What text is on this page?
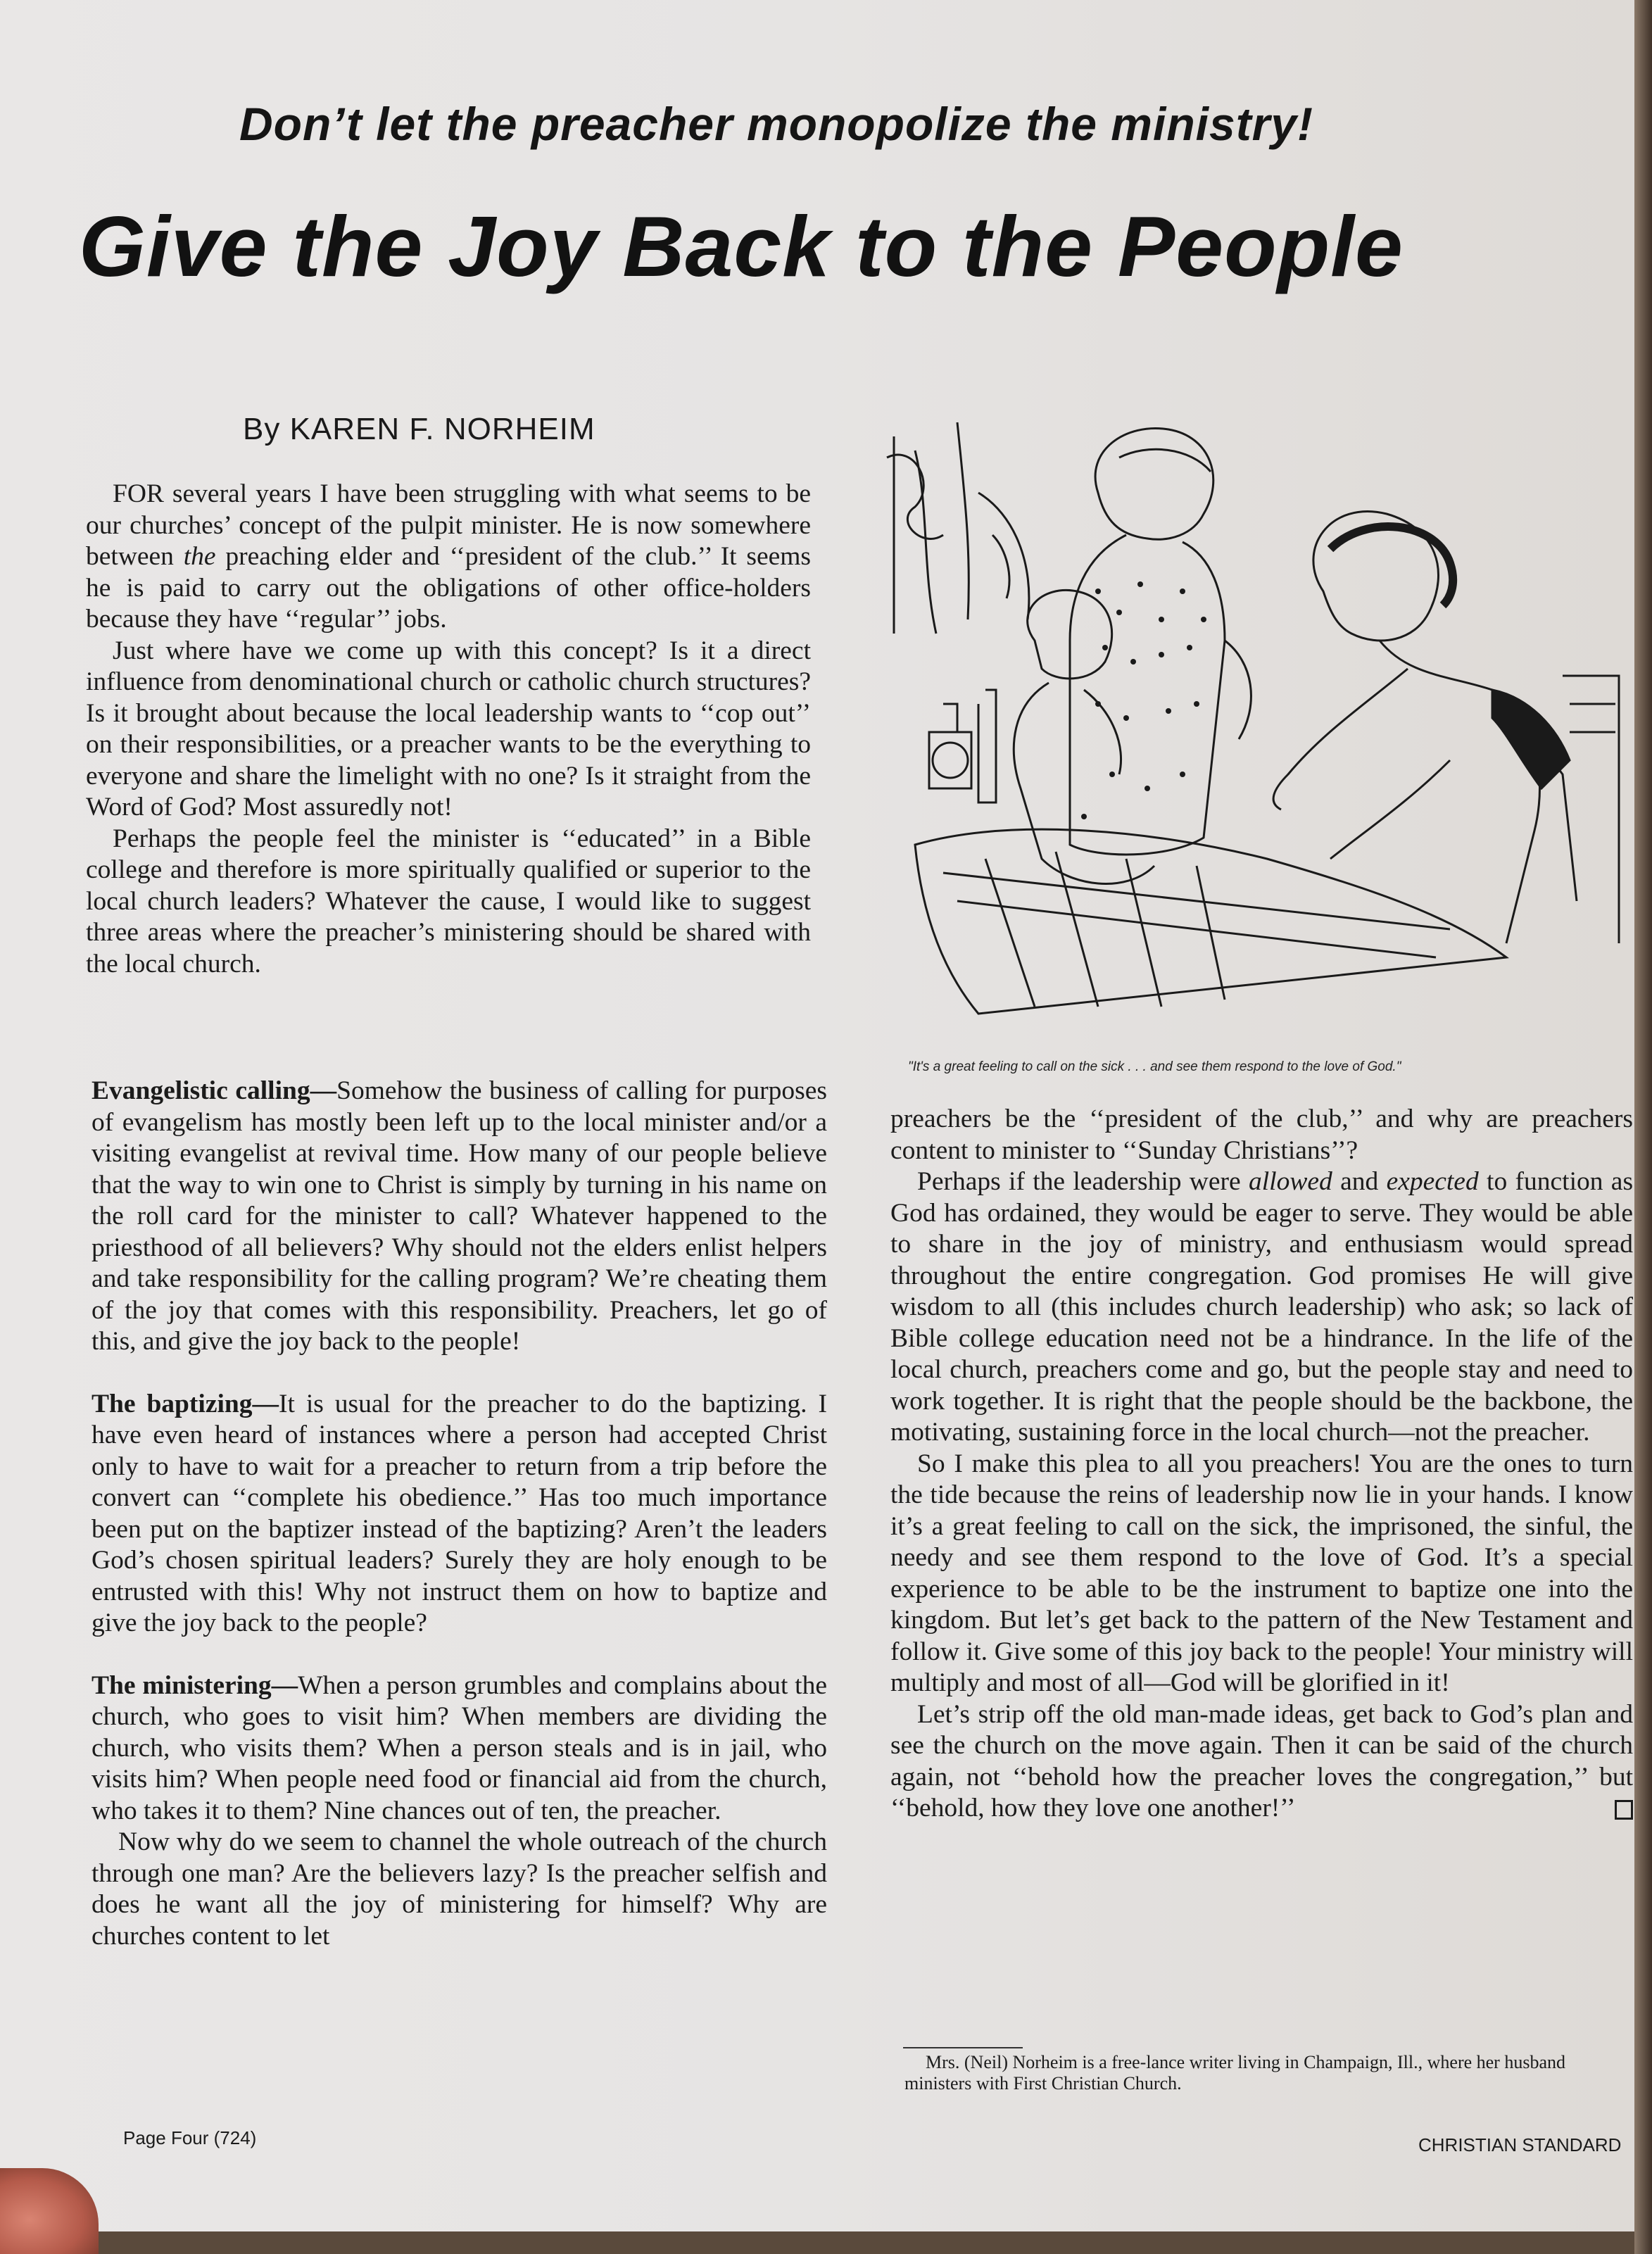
Don’t let the preacher monopolize the ministry!
Give the Joy Back to the People
By KAREN F. NORHEIM

FOR several years I have been struggling with what seems to be our churches’ concept of the pulpit minister. He is now somewhere between the preaching elder and ‘‘president of the club.’’ It seems he is paid to carry out the obligations of other office-holders because they have ‘‘regular’’ jobs.

Just where have we come up with this concept? Is it a direct influence from denominational church or catholic church structures? Is it brought about because the local leadership wants to ‘‘cop out’’ on their responsibilities, or a preacher wants to be the everything to everyone and share the limelight with no one? Is it straight from the Word of God? Most assuredly not!

Perhaps the people feel the minister is ‘‘educated’’ in a Bible college and therefore is more spiritually qualified or superior to the local church leaders? Whatever the cause, I would like to suggest three areas where the preacher’s ministering should be shared with the local church.

"It's a great feeling to call on the sick . . . and see them respond to the love of God."

Evangelistic calling—Somehow the business of calling for purposes of evangelism has mostly been left up to the local minister and/or a visiting evangelist at revival time. How many of our people believe that the way to win one to Christ is simply by turning in his name on the roll card for the minister to call? Whatever happened to the priesthood of all believers? Why should not the elders enlist helpers and take responsibility for the calling program? We’re cheating them of the joy that comes with this responsibility. Preachers, let go of this, and give the joy back to the people!

The baptizing—It is usual for the preacher to do the baptizing. I have even heard of instances where a person had accepted Christ only to have to wait for a preacher to return from a trip before the convert can ‘‘complete his obedience.’’ Has too much importance been put on the baptizer instead of the baptizing? Aren’t the leaders God’s chosen spiritual leaders? Surely they are holy enough to be entrusted with this! Why not instruct them on how to baptize and give the joy back to the people?

The ministering—When a person grumbles and complains about the church, who goes to visit him? When members are dividing the church, who visits them? When a person steals and is in jail, who visits him? When people need food or financial aid from the church, who takes it to them? Nine chances out of ten, the preacher.

Now why do we seem to channel the whole outreach of the church through one man? Are the believers lazy? Is the preacher selfish and does he want all the joy of ministering for himself? Why are churches content to let

preachers be the ‘‘president of the club,’’ and why are preachers content to minister to ‘‘Sunday Christians’’?

Perhaps if the leadership were allowed and expected to function as God has ordained, they would be eager to serve. They would be able to share in the joy of ministry, and enthusiasm would spread throughout the entire congregation. God promises He will give wisdom to all (this includes church leadership) who ask; so lack of Bible college education need not be a hindrance. In the life of the local church, preachers come and go, but the people stay and need to work together. It is right that the people should be the backbone, the motivating, sustaining force in the local church—not the preacher.

So I make this plea to all you preachers! You are the ones to turn the tide because the reins of leadership now lie in your hands. I know it’s a great feeling to call on the sick, the imprisoned, the sinful, the needy and see them respond to the love of God. It’s a special experience to be able to be the instrument to baptize one into the kingdom. But let’s get back to the pattern of the New Testament and follow it. Give some of this joy back to the people! Your ministry will multiply and most of all—God will be glorified in it!

Let’s strip off the old man-made ideas, get back to God’s plan and see the church on the move again. Then it can be said of the church again, not ‘‘behold how the preacher loves the congregation,’’ but ‘‘behold, how they love one another!’’

Mrs. (Neil) Norheim is a free-lance writer living in Champaign, Ill., where her husband ministers with First Christian Church.
Page Four (724)	CHRISTIAN STANDARD
